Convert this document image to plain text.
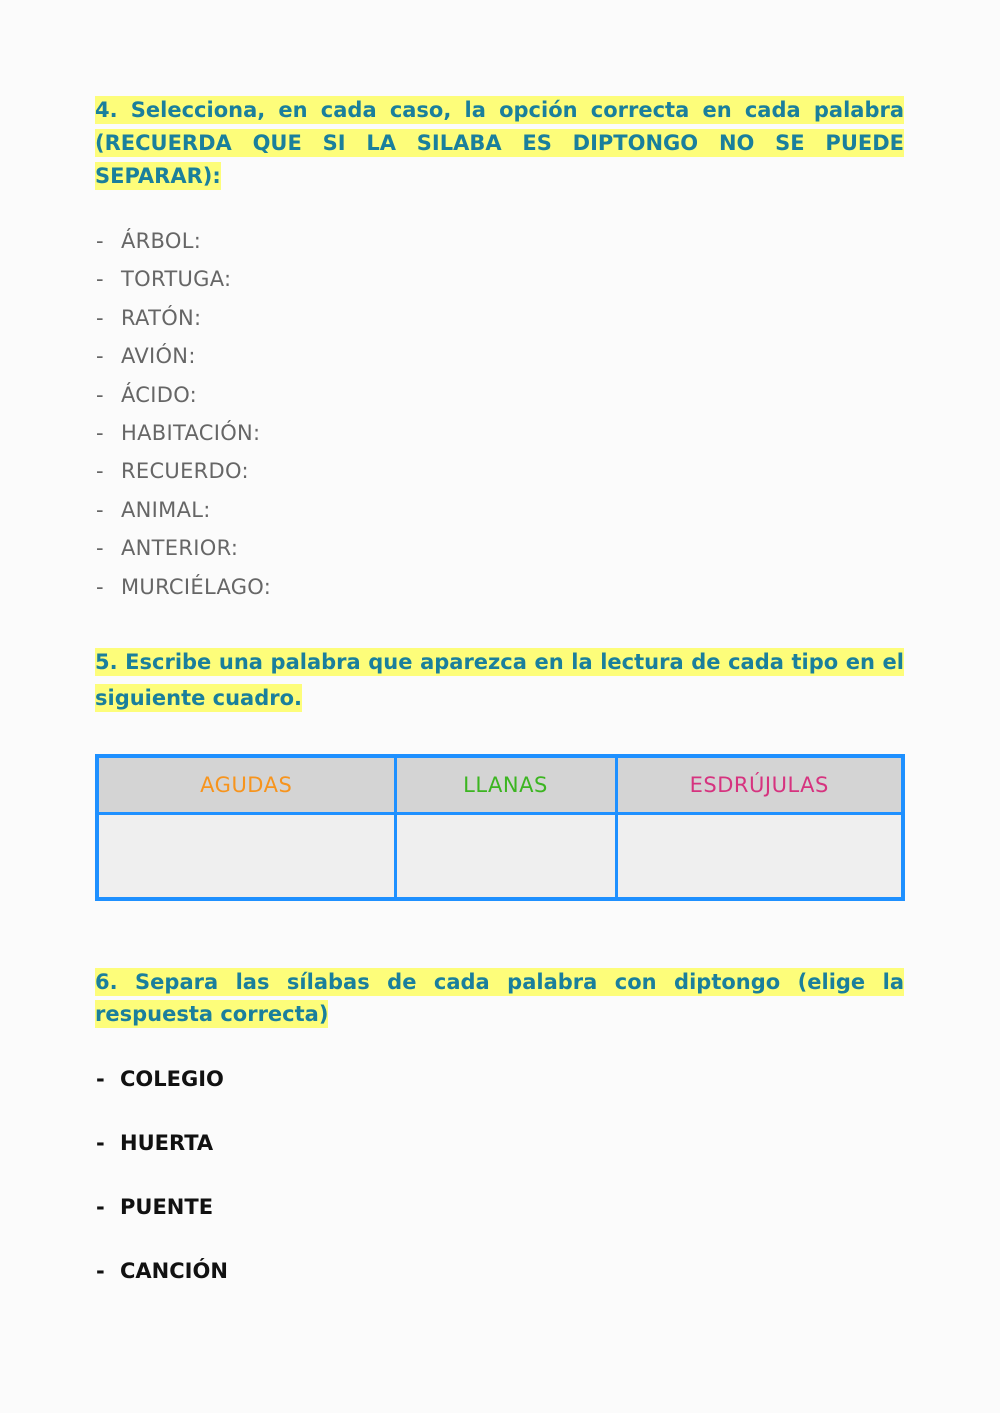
4. Selecciona, en cada caso, la opción correcta en cada palabra (RECUERDA QUE SI LA SILABA ES DIPTONGO NO SE PUEDE SEPARAR):

- ÁRBOL:
- TORTUGA:
- RATÓN:
- AVIÓN:
- ÁCIDO:
- HABITACIÓN:
- RECUERDO:
- ANIMAL:
- ANTERIOR:
- MURCIÉLAGO:

5. Escribe una palabra que aparezca en la lectura de cada tipo en el siguiente cuadro.

AGUDAS	LLANAS	ESDRÚJULAS

6. Separa las sílabas de cada palabra con diptongo (elige la respuesta correcta)

- COLEGIO
- HUERTA
- PUENTE
- CANCIÓN
